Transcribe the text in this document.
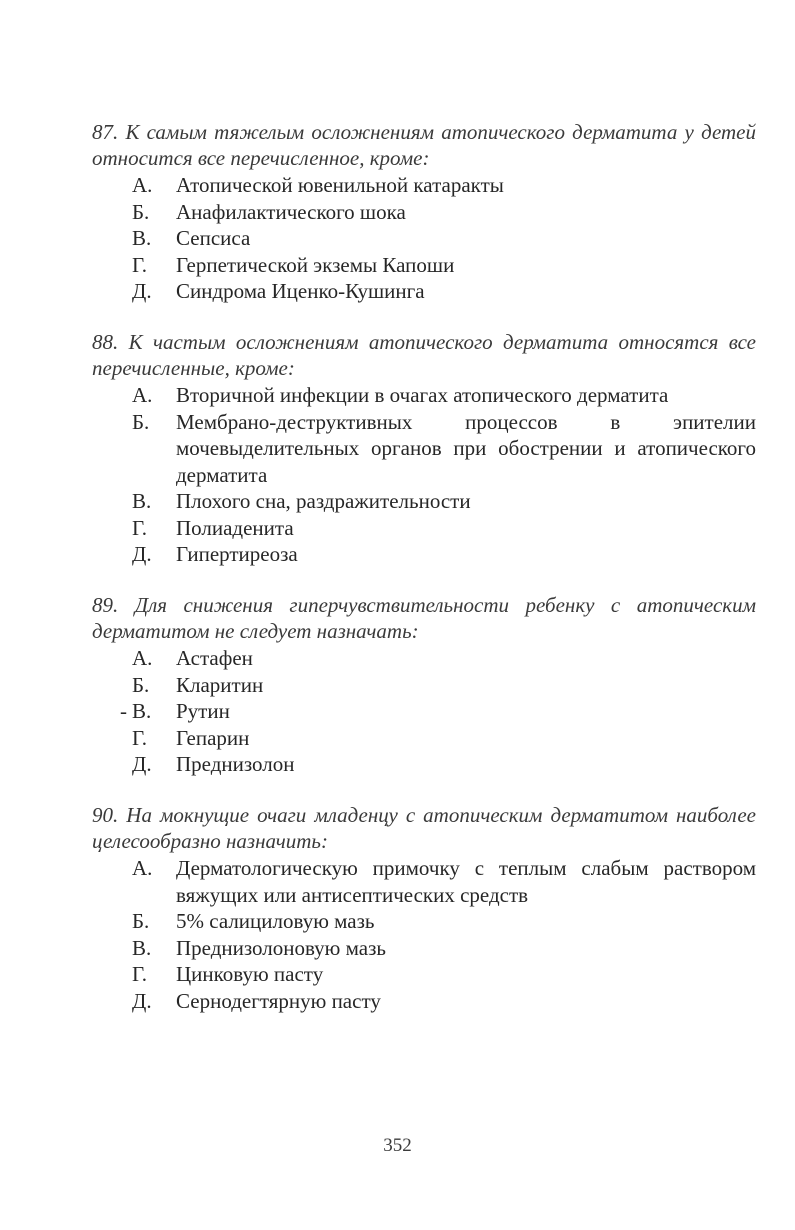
87. К самым тяжелым осложнениям атопического дерматита у детей относится все перечисленное, кроме:
А. Атопической ювенильной катаракты
Б. Анафилактического шока
В. Сепсиса
Г. Герпетической экземы Капоши
Д. Синдрома Иценко-Кушинга
88. К частым осложнениям атопического дерматита относятся все перечисленные, кроме:
А. Вторичной инфекции в очагах атопического дерматита
Б. Мембрано-деструктивных процессов в эпителии мочевыделительных органов при обострении и атопического дерматита
В. Плохого сна, раздражительности
Г. Полиаденита
Д. Гипертиреоза
89. Для снижения гиперчувствительности ребенку с атопическим дерматитом не следует назначать:
А. Астафен
Б. Кларитин
- В. Рутин
Г. Гепарин
Д. Преднизолон
90. На мокнущие очаги младенцу с атопическим дерматитом наиболее целесообразно назначить:
А. Дерматологическую примочку с теплым слабым раствором вяжущих или антисептических средств
Б. 5% салициловую мазь
В. Преднизолоновую мазь
Г. Цинковую пасту
Д. Сернодегтярную пасту
352
